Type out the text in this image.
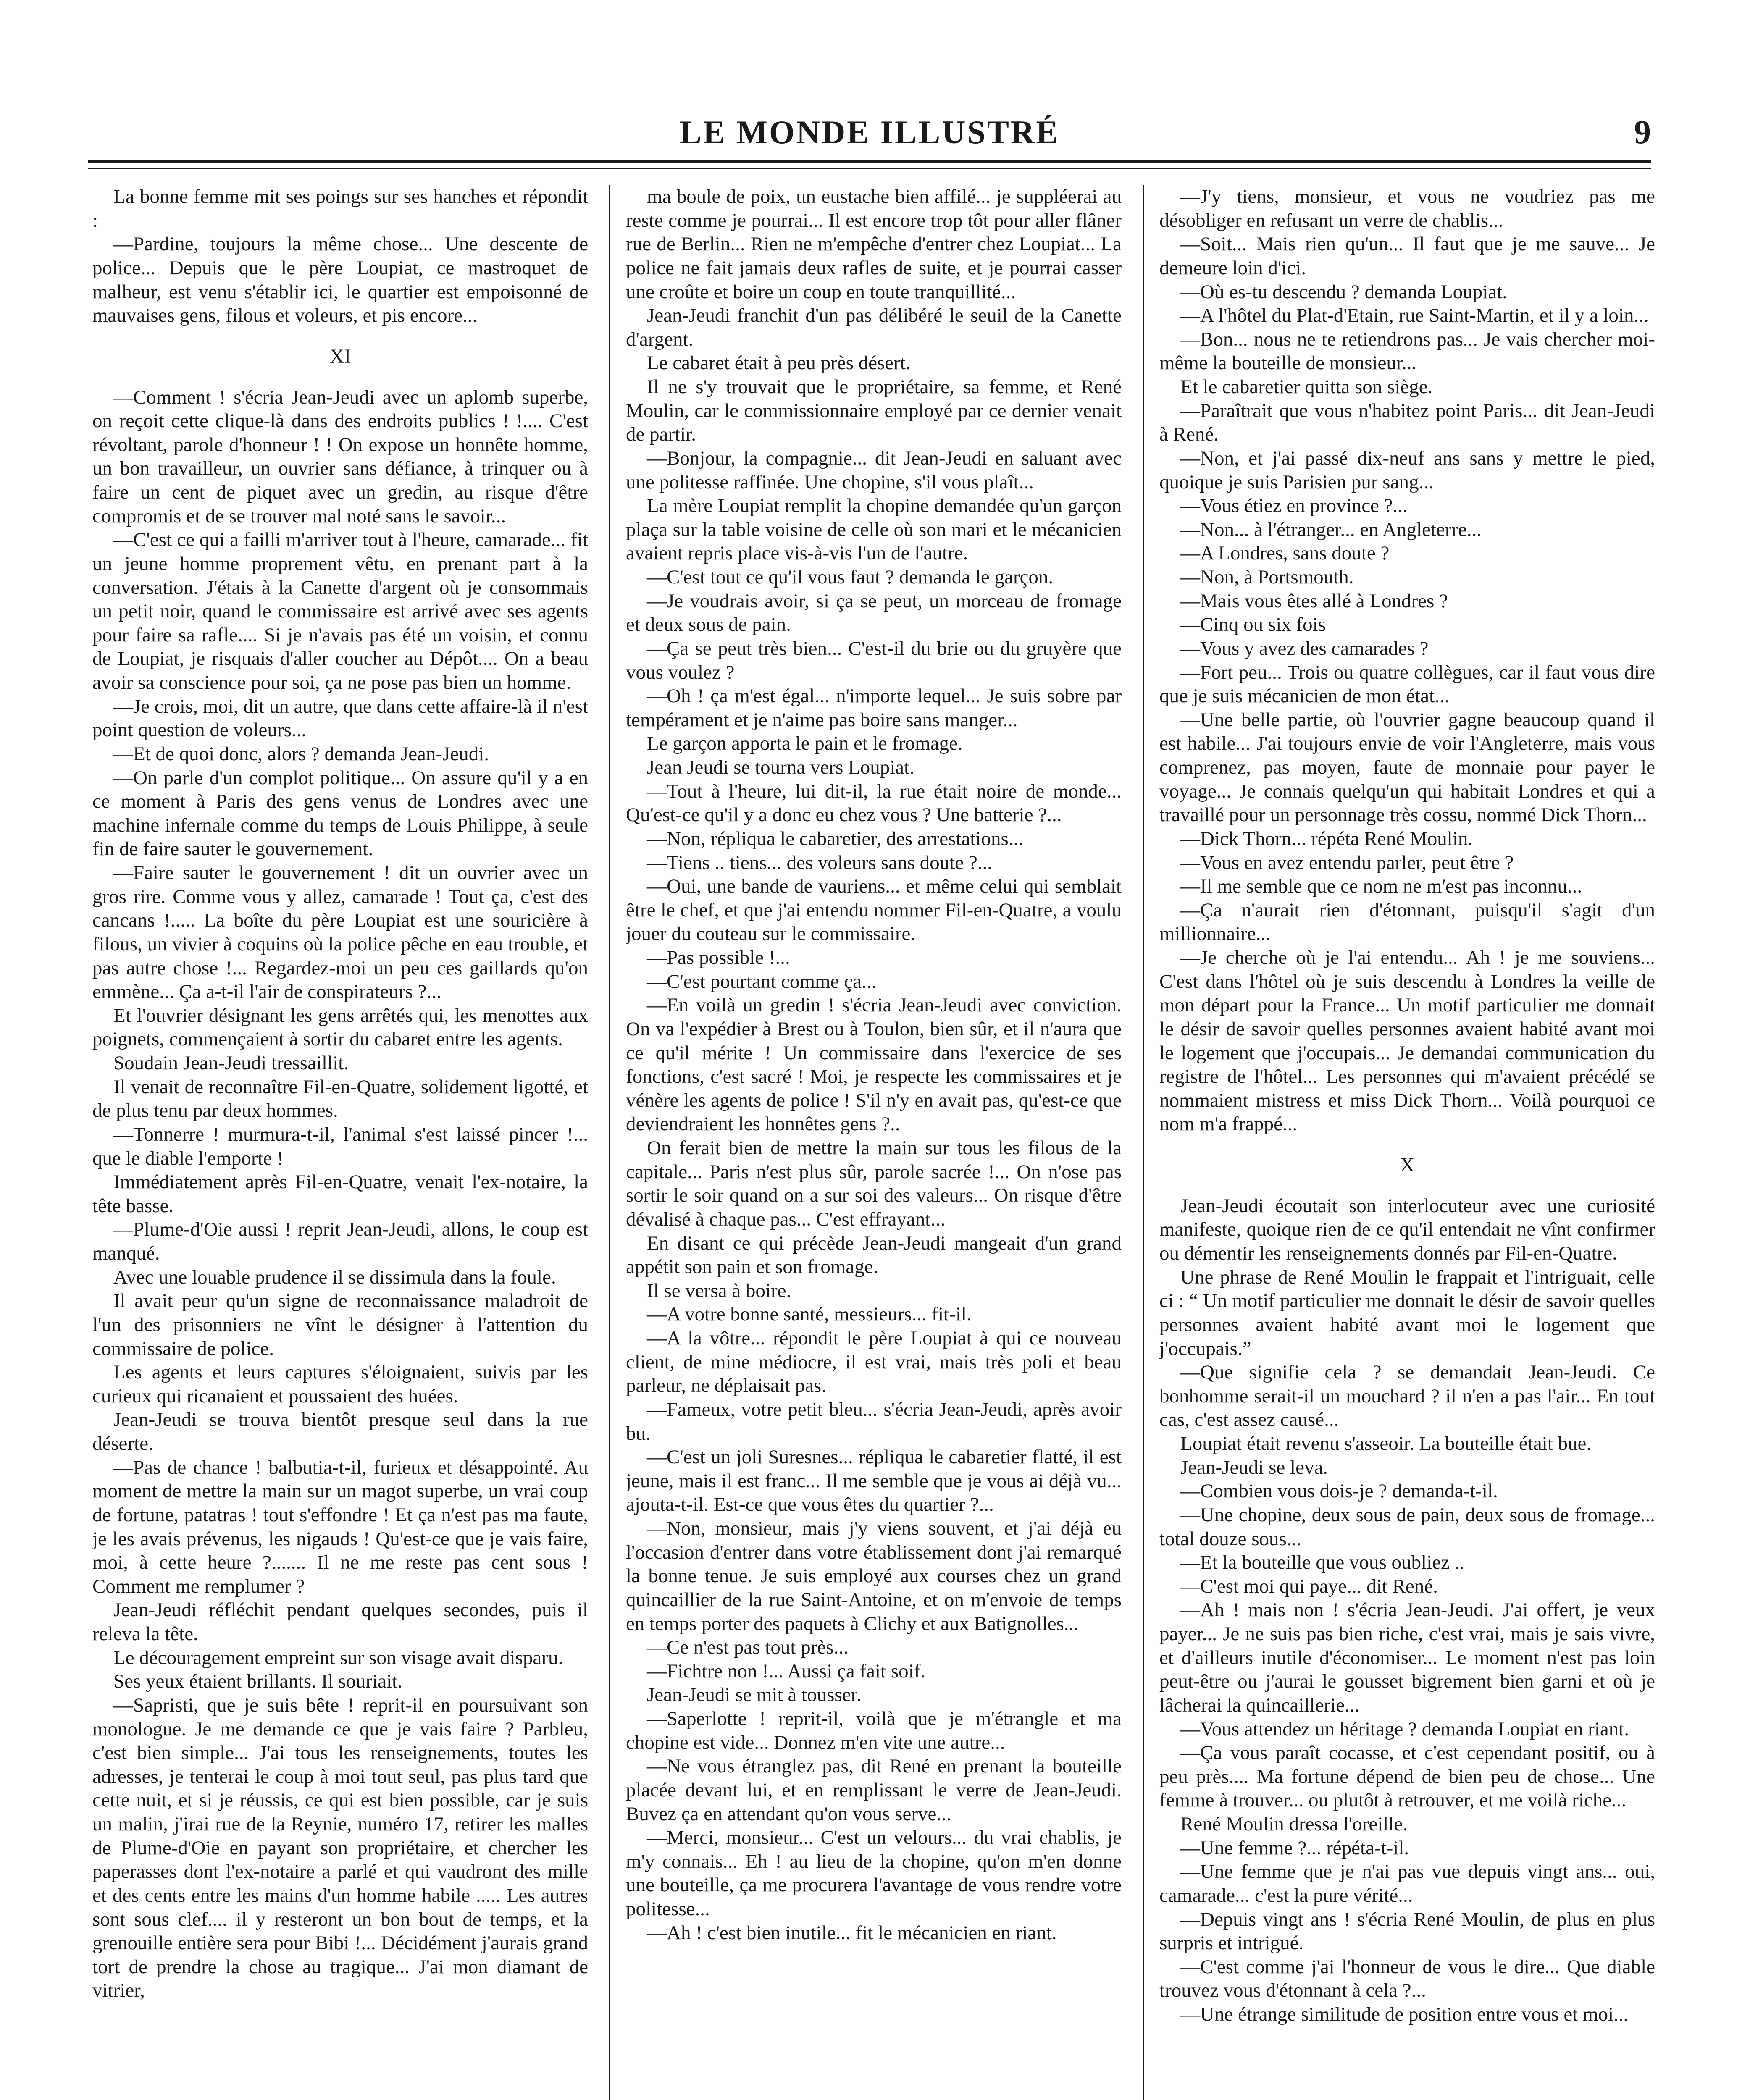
LE MONDE ILLUSTRÉ	9

La bonne femme mit ses poings sur ses hanches et répondit :

—Pardine, toujours la même chose... Une descente de police... Depuis que le père Loupiat, ce mastroquet de malheur, est venu s'établir ici, le quartier est empoisonné de mauvaises gens, filous et voleurs, et pis encore...

XI

—Comment ! s'écria Jean-Jeudi avec un aplomb superbe, on reçoit cette clique-là dans des endroits publics ! !.... C'est révoltant, parole d'honneur ! ! On expose un honnête homme, un bon travailleur, un ouvrier sans défiance, à trinquer ou à faire un cent de piquet avec un gredin, au risque d'être compromis et de se trouver mal noté sans le savoir...

—C'est ce qui a failli m'arriver tout à l'heure, camarade... fit un jeune homme proprement vêtu, en prenant part à la conversation. J'étais à la Canette d'argent où je consommais un petit noir, quand le commissaire est arrivé avec ses agents pour faire sa rafle.... Si je n'avais pas été un voisin, et connu de Loupiat, je risquais d'aller coucher au Dépôt.... On a beau avoir sa conscience pour soi, ça ne pose pas bien un homme.

—Je crois, moi, dit un autre, que dans cette affaire-là il n'est point question de voleurs...

—Et de quoi donc, alors ? demanda Jean-Jeudi.

—On parle d'un complot politique... On assure qu'il y a en ce moment à Paris des gens venus de Londres avec une machine infernale comme du temps de Louis Philippe, à seule fin de faire sauter le gouvernement.

—Faire sauter le gouvernement ! dit un ouvrier avec un gros rire. Comme vous y allez, camarade ! Tout ça, c'est des cancans !..... La boîte du père Loupiat est une souricière à filous, un vivier à coquins où la police pêche en eau trouble, et pas autre chose !... Regardez-moi un peu ces gaillards qu'on emmène... Ça a-t-il l'air de conspirateurs ?...

Et l'ouvrier désignant les gens arrêtés qui, les menottes aux poignets, commençaient à sortir du cabaret entre les agents.

Soudain Jean-Jeudi tressaillit.

Il venait de reconnaître Fil-en-Quatre, solidement ligotté, et de plus tenu par deux hommes.

—Tonnerre ! murmura-t-il, l'animal s'est laissé pincer !... que le diable l'emporte !

Immédiatement après Fil-en-Quatre, venait l'ex-notaire, la tête basse.

—Plume-d'Oie aussi ! reprit Jean-Jeudi, allons, le coup est manqué.

Avec une louable prudence il se dissimula dans la foule.

Il avait peur qu'un signe de reconnaissance maladroit de l'un des prisonniers ne vînt le désigner à l'attention du commissaire de police.

Les agents et leurs captures s'éloignaient, suivis par les curieux qui ricanaient et poussaient des huées.

Jean-Jeudi se trouva bientôt presque seul dans la rue déserte.

—Pas de chance ! balbutia-t-il, furieux et désappointé. Au moment de mettre la main sur un magot superbe, un vrai coup de fortune, patatras ! tout s'effondre ! Et ça n'est pas ma faute, je les avais prévenus, les nigauds ! Qu'est-ce que je vais faire, moi, à cette heure ?....... Il ne me reste pas cent sous ! Comment me remplumer ?

Jean-Jeudi réfléchit pendant quelques secondes, puis il releva la tête.

Le découragement empreint sur son visage avait disparu.

Ses yeux étaient brillants. Il souriait.

—Sapristi, que je suis bête ! reprit-il en poursuivant son monologue. Je me demande ce que je vais faire ? Parbleu, c'est bien simple... J'ai tous les renseignements, toutes les adresses, je tenterai le coup à moi tout seul, pas plus tard que cette nuit, et si je réussis, ce qui est bien possible, car je suis un malin, j'irai rue de la Reynie, numéro 17, retirer les malles de Plume-d'Oie en payant son propriétaire, et chercher les paperasses dont l'ex-notaire a parlé et qui vaudront des mille et des cents entre les mains d'un homme habile ..... Les autres sont sous clef.... il y resteront un bon bout de temps, et la grenouille entière sera pour Bibi !... Décidément j'aurais grand tort de prendre la chose au tragique... J'ai mon diamant de vitrier,

ma boule de poix, un eustache bien affilé... je suppléerai au reste comme je pourrai... Il est encore trop tôt pour aller flâner rue de Berlin... Rien ne m'empêche d'entrer chez Loupiat... La police ne fait jamais deux rafles de suite, et je pourrai casser une croûte et boire un coup en toute tranquillité...

Jean-Jeudi franchit d'un pas délibéré le seuil de la Canette d'argent.

Le cabaret était à peu près désert.

Il ne s'y trouvait que le propriétaire, sa femme, et René Moulin, car le commissionnaire employé par ce dernier venait de partir.

—Bonjour, la compagnie... dit Jean-Jeudi en saluant avec une politesse raffinée. Une chopine, s'il vous plaît...

La mère Loupiat remplit la chopine demandée qu'un garçon plaça sur la table voisine de celle où son mari et le mécanicien avaient repris place vis-à-vis l'un de l'autre.

—C'est tout ce qu'il vous faut ? demanda le garçon.

—Je voudrais avoir, si ça se peut, un morceau de fromage et deux sous de pain.

—Ça se peut très bien... C'est-il du brie ou du gruyère que vous voulez ?

—Oh ! ça m'est égal... n'importe lequel... Je suis sobre par tempérament et je n'aime pas boire sans manger...

Le garçon apporta le pain et le fromage.

Jean Jeudi se tourna vers Loupiat.

—Tout à l'heure, lui dit-il, la rue était noire de monde... Qu'est-ce qu'il y a donc eu chez vous ? Une batterie ?...

—Non, répliqua le cabaretier, des arrestations...

—Tiens .. tiens... des voleurs sans doute ?...

—Oui, une bande de vauriens... et même celui qui semblait être le chef, et que j'ai entendu nommer Fil-en-Quatre, a voulu jouer du couteau sur le commissaire.

—Pas possible !...

—C'est pourtant comme ça...

—En voilà un gredin ! s'écria Jean-Jeudi avec conviction. On va l'expédier à Brest ou à Toulon, bien sûr, et il n'aura que ce qu'il mérite ! Un commissaire dans l'exercice de ses fonctions, c'est sacré ! Moi, je respecte les commissaires et je vénère les agents de police ! S'il n'y en avait pas, qu'est-ce que deviendraient les honnêtes gens ?..

On ferait bien de mettre la main sur tous les filous de la capitale... Paris n'est plus sûr, parole sacrée !... On n'ose pas sortir le soir quand on a sur soi des valeurs... On risque d'être dévalisé à chaque pas... C'est effrayant...

En disant ce qui précède Jean-Jeudi mangeait d'un grand appétit son pain et son fromage.

Il se versa à boire.

—A votre bonne santé, messieurs... fit-il.

—A la vôtre... répondit le père Loupiat à qui ce nouveau client, de mine médiocre, il est vrai, mais très poli et beau parleur, ne déplaisait pas.

—Fameux, votre petit bleu... s'écria Jean-Jeudi, après avoir bu.

—C'est un joli Suresnes... répliqua le cabaretier flatté, il est jeune, mais il est franc... Il me semble que je vous ai déjà vu... ajouta-t-il. Est-ce que vous êtes du quartier ?...

—Non, monsieur, mais j'y viens souvent, et j'ai déjà eu l'occasion d'entrer dans votre établissement dont j'ai remarqué la bonne tenue. Je suis employé aux courses chez un grand quincaillier de la rue Saint-Antoine, et on m'envoie de temps en temps porter des paquets à Clichy et aux Batignolles...

—Ce n'est pas tout près...

—Fichtre non !... Aussi ça fait soif.

Jean-Jeudi se mit à tousser.

—Saperlotte ! reprit-il, voilà que je m'étrangle et ma chopine est vide... Donnez m'en vite une autre...

—Ne vous étranglez pas, dit René en prenant la bouteille placée devant lui, et en remplissant le verre de Jean-Jeudi. Buvez ça en attendant qu'on vous serve...

—Merci, monsieur... C'est un velours... du vrai chablis, je m'y connais... Eh ! au lieu de la chopine, qu'on m'en donne une bouteille, ça me procurera l'avantage de vous rendre votre politesse...

—Ah ! c'est bien inutile... fit le mécanicien en riant.

—J'y tiens, monsieur, et vous ne voudriez pas me désobliger en refusant un verre de chablis...

—Soit... Mais rien qu'un... Il faut que je me sauve... Je demeure loin d'ici.

—Où es-tu descendu ? demanda Loupiat.

—A l'hôtel du Plat-d'Etain, rue Saint-Martin, et il y a loin...

—Bon... nous ne te retiendrons pas... Je vais chercher moi-même la bouteille de monsieur...

Et le cabaretier quitta son siège.

—Paraîtrait que vous n'habitez point Paris... dit Jean-Jeudi à René.

—Non, et j'ai passé dix-neuf ans sans y mettre le pied, quoique je suis Parisien pur sang...

—Vous étiez en province ?...

—Non... à l'étranger... en Angleterre...

—A Londres, sans doute ?

—Non, à Portsmouth.

—Mais vous êtes allé à Londres ?

—Cinq ou six fois

—Vous y avez des camarades ?

—Fort peu... Trois ou quatre collègues, car il faut vous dire que je suis mécanicien de mon état...

—Une belle partie, où l'ouvrier gagne beaucoup quand il est habile... J'ai toujours envie de voir l'Angleterre, mais vous comprenez, pas moyen, faute de monnaie pour payer le voyage... Je connais quelqu'un qui habitait Londres et qui a travaillé pour un personnage très cossu, nommé Dick Thorn...

—Dick Thorn... répéta René Moulin.

—Vous en avez entendu parler, peut être ?

—Il me semble que ce nom ne m'est pas inconnu...

—Ça n'aurait rien d'étonnant, puisqu'il s'agit d'un millionnaire...

—Je cherche où je l'ai entendu... Ah ! je me souviens... C'est dans l'hôtel où je suis descendu à Londres la veille de mon départ pour la France... Un motif particulier me donnait le désir de savoir quelles personnes avaient habité avant moi le logement que j'occupais... Je demandai communication du registre de l'hôtel... Les personnes qui m'avaient précédé se nommaient mistress et miss Dick Thorn... Voilà pourquoi ce nom m'a frappé...

X

Jean-Jeudi écoutait son interlocuteur avec une curiosité manifeste, quoique rien de ce qu'il entendait ne vînt confirmer ou démentir les renseignements donnés par Fil-en-Quatre.

Une phrase de René Moulin le frappait et l'intriguait, celle ci : “ Un motif particulier me donnait le désir de savoir quelles personnes avaient habité avant moi le logement que j'occupais.”

—Que signifie cela ? se demandait Jean-Jeudi. Ce bonhomme serait-il un mouchard ? il n'en a pas l'air... En tout cas, c'est assez causé...

Loupiat était revenu s'asseoir. La bouteille était bue.

Jean-Jeudi se leva.

—Combien vous dois-je ? demanda-t-il.

—Une chopine, deux sous de pain, deux sous de fromage... total douze sous...

—Et la bouteille que vous oubliez ..

—C'est moi qui paye... dit René.

—Ah ! mais non ! s'écria Jean-Jeudi. J'ai offert, je veux payer... Je ne suis pas bien riche, c'est vrai, mais je sais vivre, et d'ailleurs inutile d'économiser... Le moment n'est pas loin peut-être ou j'aurai le gousset bigrement bien garni et où je lâcherai la quincaillerie...

—Vous attendez un héritage ? demanda Loupiat en riant.

—Ça vous paraît cocasse, et c'est cependant positif, ou à peu près.... Ma fortune dépend de bien peu de chose... Une femme à trouver... ou plutôt à retrouver, et me voilà riche...

René Moulin dressa l'oreille.

—Une femme ?... répéta-t-il.

—Une femme que je n'ai pas vue depuis vingt ans... oui, camarade... c'est la pure vérité...

—Depuis vingt ans ! s'écria René Moulin, de plus en plus surpris et intrigué.

—C'est comme j'ai l'honneur de vous le dire... Que diable trouvez vous d'étonnant à cela ?...

—Une étrange similitude de position entre vous et moi...
